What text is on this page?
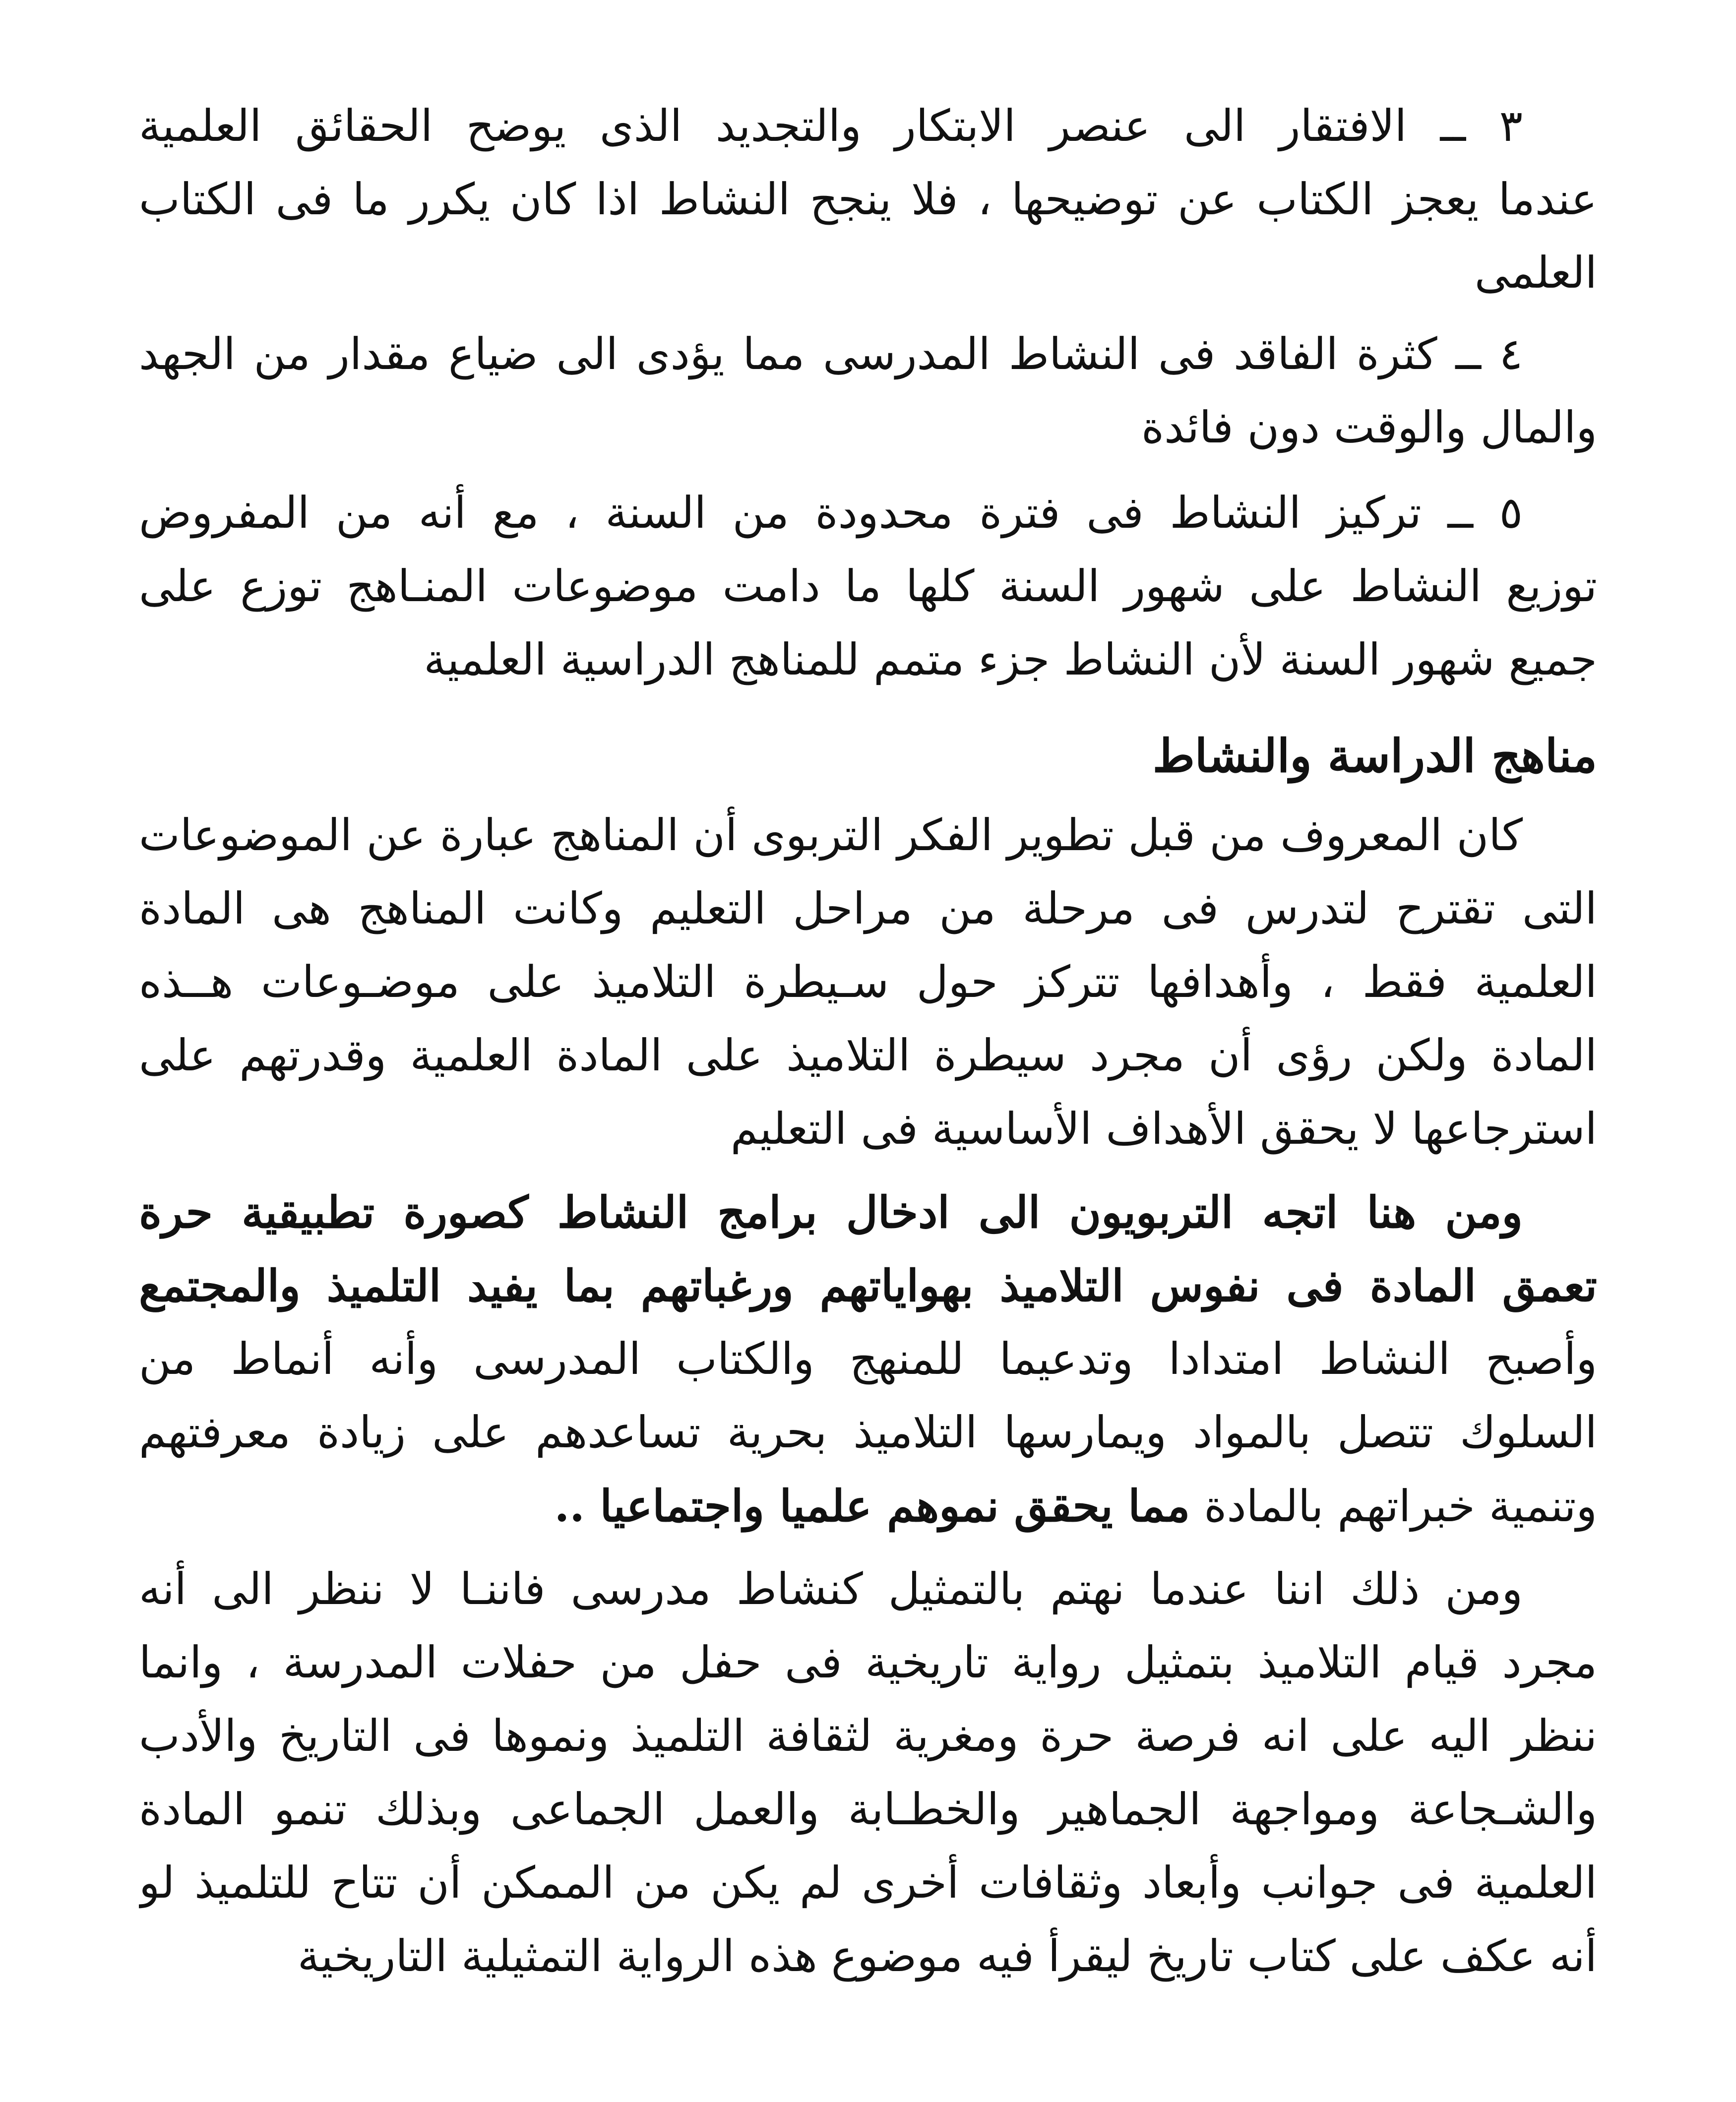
٣ ــ الافتقار الى عنصر الابتكار والتجديد الذى يوضح الحقائق العلمية
عندما يعجز الكتاب عن توضيحها ، فلا ينجح النشاط اذا كان يكرر ما فى الكتاب
العلمى
٤ ــ كثرة الفاقد فى النشاط المدرسى مما يؤدى الى ضياع مقدار من الجهد
والمال والوقت دون فائدة
٥ ــ تركيز النشاط فى فترة محدودة من السنة ، مع أنه من المفروض
توزيع النشاط على شهور السنة كلها ما دامت موضوعات المنـاهج توزع على
جميع شهور السنة لأن النشاط جزء متمم للمناهج الدراسية العلمية
مناهج الدراسة والنشاط
كان المعروف من قبل تطوير الفكر التربوى أن المناهج عبارة عن الموضوعات
التى تقترح لتدرس فى مرحلة من مراحل التعليم وكانت المناهج هى المادة
العلمية فقط ، وأهدافها تتركز حول سـيطرة التلاميذ على موضـوعات هــذه
المادة ولكن رؤى أن مجرد سيطرة التلاميذ على المادة العلمية وقدرتهم على
استرجاعها لا يحقق الأهداف الأساسية فى التعليم
ومن هنا اتجه التربويون الى ادخال برامج النشاط كصورة تطبيقية حرة
تعمق المادة فى نفوس التلاميذ بهواياتهم ورغباتهم بما يفيد التلميذ والمجتمع
وأصبح النشاط امتدادا وتدعيما للمنهج والكتاب المدرسى وأنه أنماط من
السلوك تتصل بالمواد ويمارسها التلاميذ بحرية تساعدهم على زيادة معرفتهم
وتنمية خبراتهم بالمادة مما يحقق نموهم علميا واجتماعيا ..
ومن ذلك اننا عندما نهتم بالتمثيل كنشاط مدرسى فاننـا لا ننظر الى أنه
مجرد قيام التلاميذ بتمثيل رواية تاريخية فى حفل من حفلات المدرسة ، وانما
ننظر اليه على انه فرصة حرة ومغرية لثقافة التلميذ ونموها فى التاريخ والأدب
والشـجاعة ومواجهة الجماهير والخطـابة والعمل الجماعى وبذلك تنمو المادة
العلمية فى جوانب وأبعاد وثقافات أخرى لم يكن من الممكن أن تتاح للتلميذ لو
أنه عكف على كتاب تاريخ ليقرأ فيه موضوع هذه الرواية التمثيلية التاريخية
